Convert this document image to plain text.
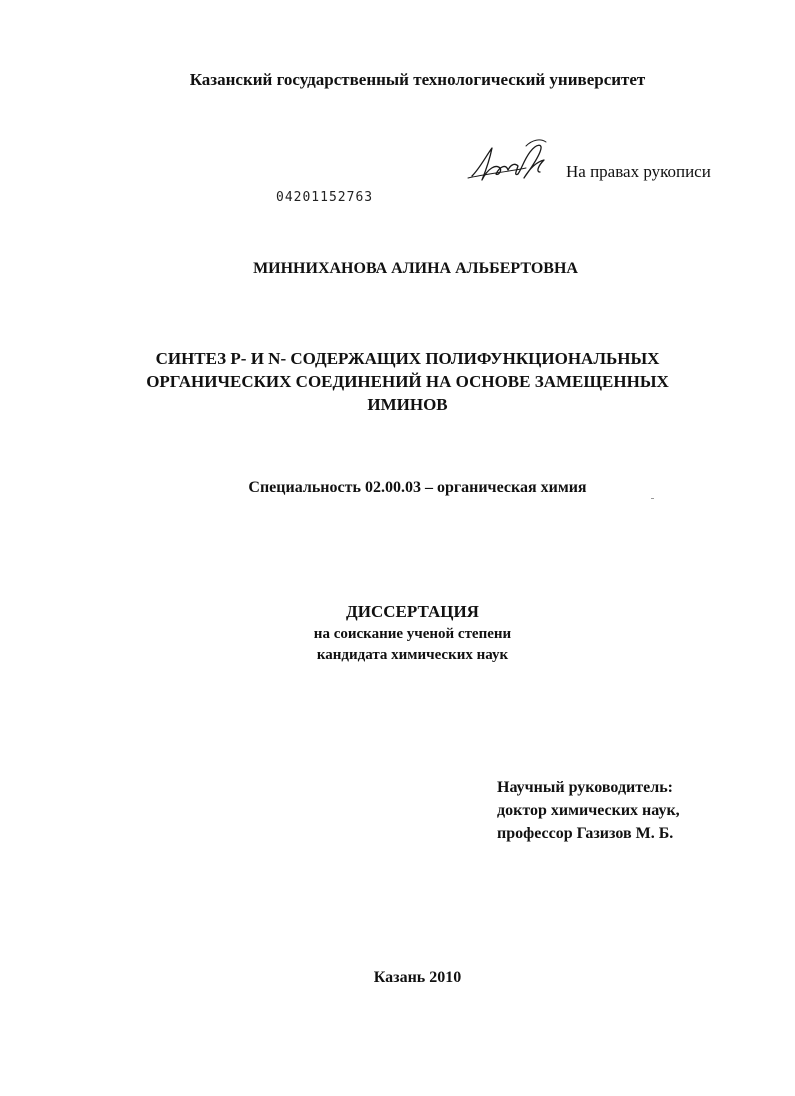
Казанский государственный технологический университет
На правах рукописи
04201152763
МИННИХАНОВА АЛИНА АЛЬБЕРТОВНА
СИНТЕЗ Р- И N- СОДЕРЖАЩИХ ПОЛИФУНКЦИОНАЛЬНЫХ
ОРГАНИЧЕСКИХ СОЕДИНЕНИЙ НА ОСНОВЕ ЗАМЕЩЕННЫХ
ИМИНОВ
Специальность 02.00.03 – органическая химия
ДИССЕРТАЦИЯ
на соискание ученой степени
кандидата химических наук
Научный руководитель:
доктор химических наук,
профессор Газизов М. Б.
Казань 2010
